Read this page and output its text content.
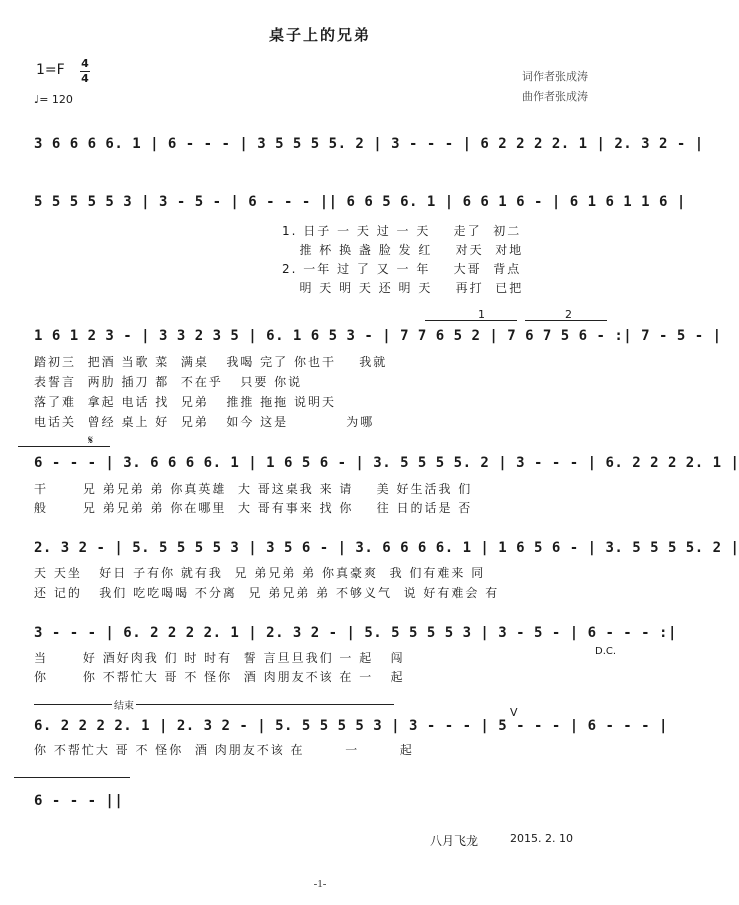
桌子上的兄弟
词作者张成涛
曲作者张成涛
1=F 4
4
♩= 120
3 6 6 6 6. 1 | 6 - - - | 3 5 5 5 5. 2 | 3 - - - | 6 2 2 2 2. 1 | 2. 3 2 - |
5 5 5 5 5 3 | 3 - 5 - | 6 - - - || 6 6 5 6. 1 | 6 6 1 6 - | 6 1 6 1 1 6 |
1. 日子 一 天 过 一 天    走了  初二
推 杯 换 盏 脸 发 红    对天  对地
2. 一年 过 了 又 一 年    大哥  背点
明 天 明 天 还 明 天    再打  已把
1	2
1 6 1 2 3 - | 3 3 2 3 5 | 6. 1 6 5 3 - | 7 7 6 5 2 | 7 6 7 5 6 - :| 7 - 5 - |
踏初三  把酒 当歌 菜  满桌   我喝 完了 你也干    我就
表誓言  两肋 插刀 都  不在乎   只要 你说
落了难  拿起 电话 找  兄弟   推推 拖拖 说明天
电话关  曾经 桌上 好  兄弟   如今 这是          为哪
𝄋
6 - - - | 3. 6 6 6 6. 1 | 1 6 5 6 - | 3. 5 5 5 5. 2 | 3 - - - | 6. 2 2 2 2. 1 |
干      兄 弟兄弟 弟 你真英雄  大 哥这桌我 来 请    美 好生活我 们
般      兄 弟兄弟 弟 你在哪里  大 哥有事来 找 你    往 日的话是 否
2. 3 2 - | 5. 5 5 5 5 3 | 3 5 6 - | 3. 6 6 6 6. 1 | 1 6 5 6 - | 3. 5 5 5 5. 2 |
天 天坐   好日 子有你 就有我  兄 弟兄弟 弟 你真豪爽  我 们有难来 同
还 记的   我们 吃吃喝喝 不分离  兄 弟兄弟 弟 不够义气  说 好有难会 有
3 - - - | 6. 2 2 2 2. 1 | 2. 3 2 - | 5. 5 5 5 5 3 | 3 - 5 - | 6 - - - :|
D.C.
当      好 酒好肉我 们 时 时有  誓 言旦旦我们 一 起   闯
你      你 不帮忙大 哥 不 怪你  酒 肉朋友不该 在 一   起
结束
6. 2 2 2 2. 1 | 2. 3 2 - | 5. 5 5 5 5 3 | 3 - - - | 5 - - - | 6 - - - |
V
你 不帮忙大 哥 不 怪你  酒 肉朋友不该 在       一       起
6 - - - ||
八月飞龙	2015. 2. 10
-1-
